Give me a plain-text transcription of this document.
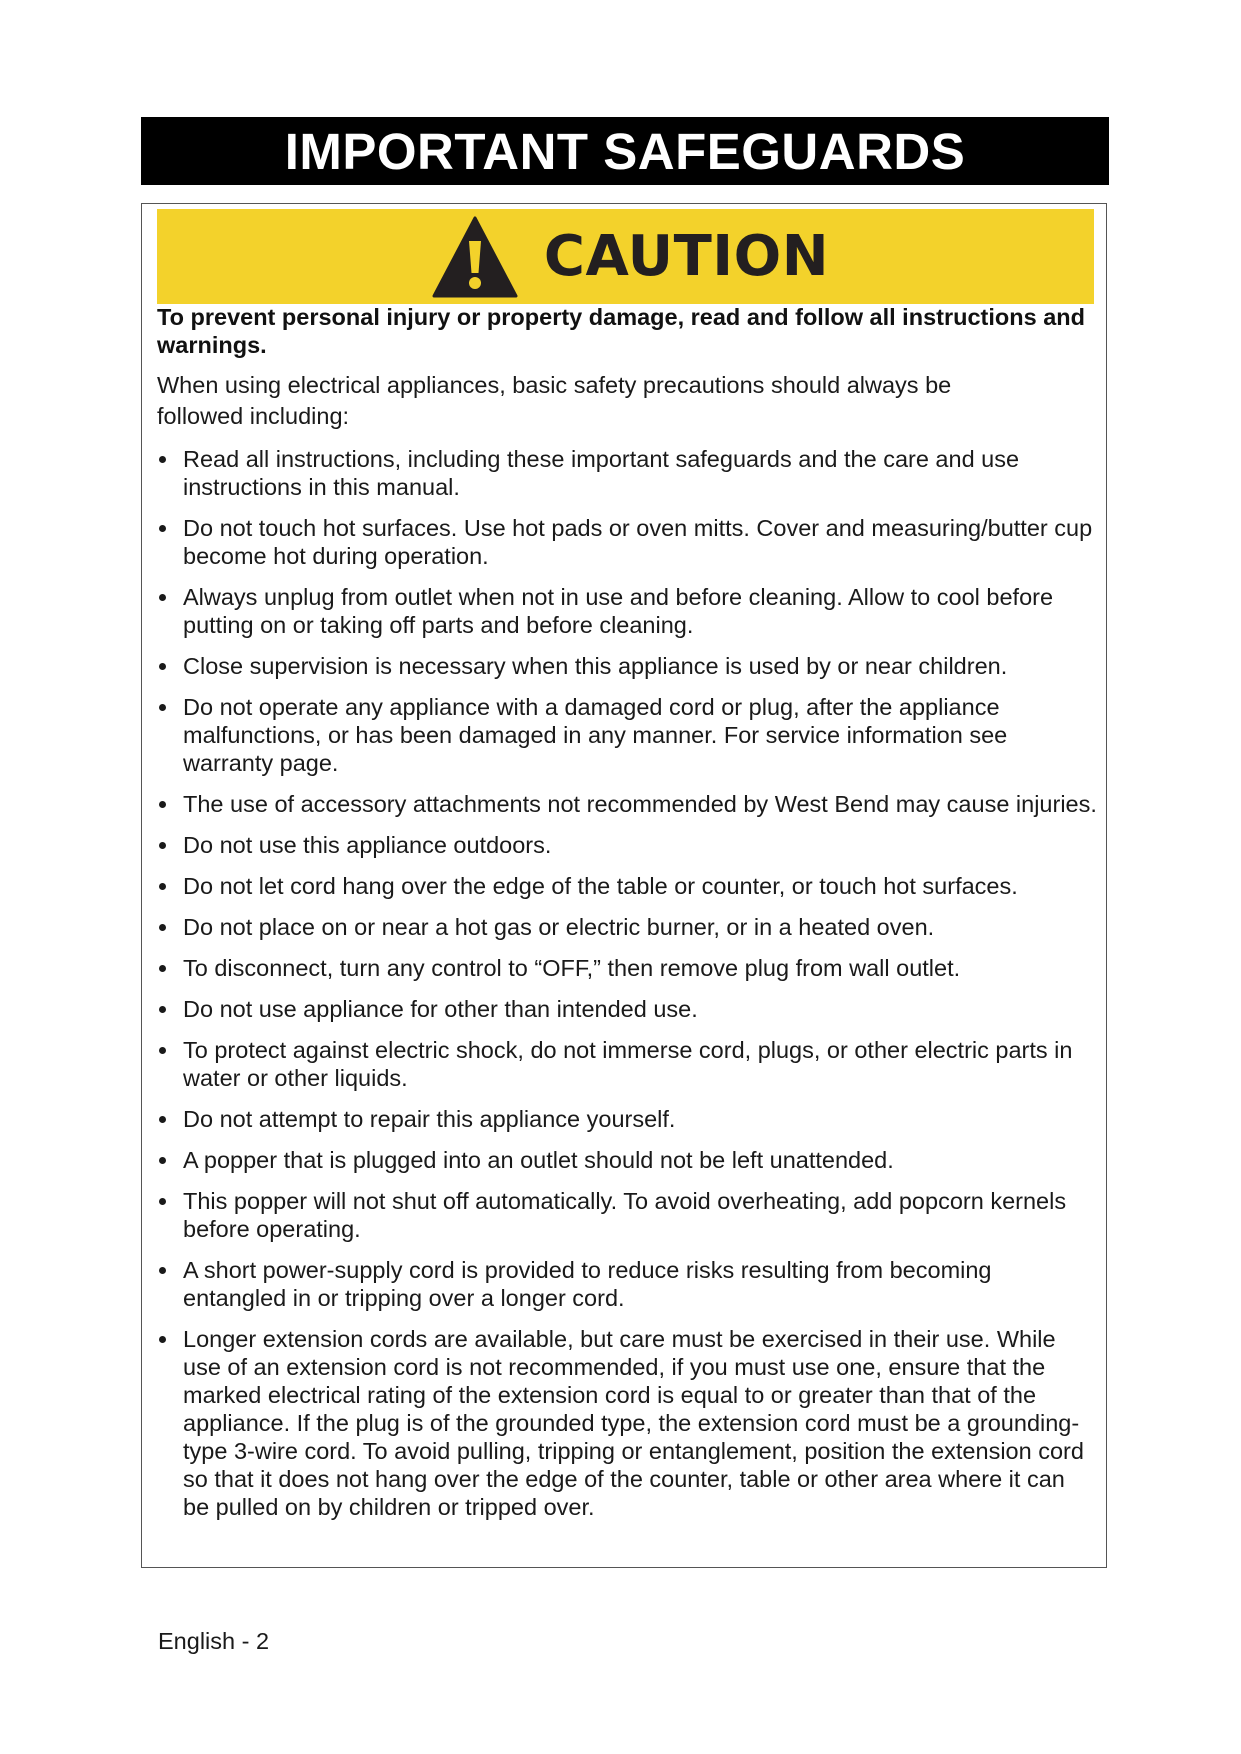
IMPORTANT SAFEGUARDS
CAUTION

To prevent personal injury or property damage, read and follow all instructions and warnings.

When using electrical appliances, basic safety precautions should always be followed including:

Read all instructions, including these important safeguards and the care and use instructions in this manual.
Do not touch hot surfaces. Use hot pads or oven mitts. Cover and measuring/butter cup become hot during operation.
Always unplug from outlet when not in use and before cleaning. Allow to cool before putting on or taking off parts and before cleaning.
Close supervision is necessary when this appliance is used by or near children.
Do not operate any appliance with a damaged cord or plug, after the appliance malfunctions, or has been damaged in any manner. For service information see warranty page.
The use of accessory attachments not recommended by West Bend may cause injuries.
Do not use this appliance outdoors.
Do not let cord hang over the edge of the table or counter, or touch hot surfaces.
Do not place on or near a hot gas or electric burner, or in a heated oven.
To disconnect, turn any control to “OFF,” then remove plug from wall outlet.
Do not use appliance for other than intended use.
To protect against electric shock, do not immerse cord, plugs, or other electric parts in water or other liquids.
Do not attempt to repair this appliance yourself.
A popper that is plugged into an outlet should not be left unattended.
This popper will not shut off automatically. To avoid overheating, add popcorn kernels before operating.
A short power-supply cord is provided to reduce risks resulting from becoming entangled in or tripping over a longer cord.
Longer extension cords are available, but care must be exercised in their use. While use of an extension cord is not recommended, if you must use one, ensure that the marked electrical rating of the extension cord is equal to or greater than that of the appliance. If the plug is of the grounded type, the extension cord must be a grounding-type 3-wire cord. To avoid pulling, tripping or entanglement, position the extension cord so that it does not hang over the edge of the counter, table or other area where it can be pulled on by children or tripped over.
English - 2
